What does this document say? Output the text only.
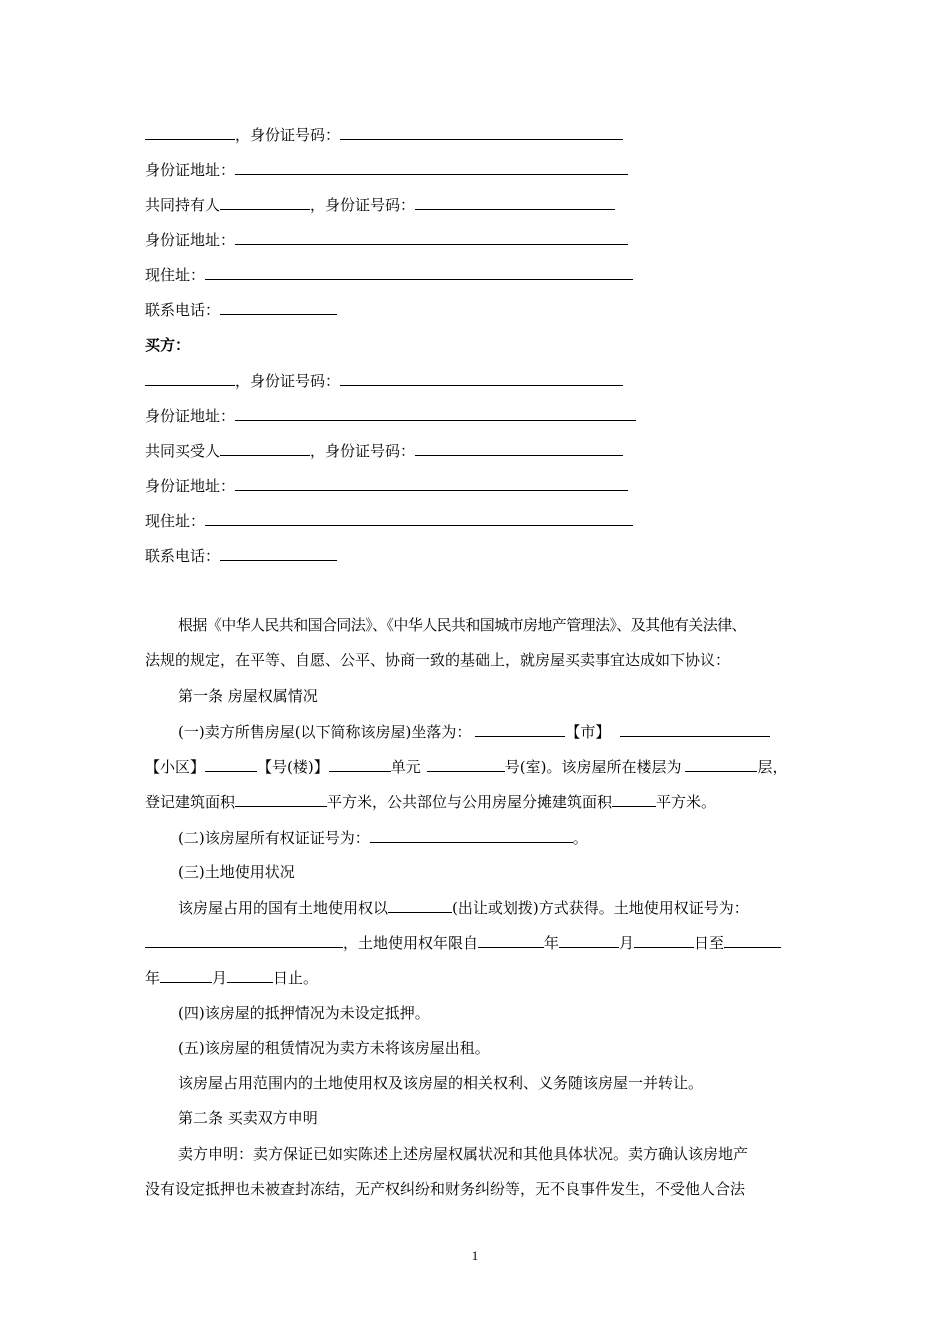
，身份证号码：
身份证地址：
共同持有人	，身份证号码：
身份证地址：
现住址：
联系电话：
买方：
，身份证号码：
身份证地址：
共同买受人	，身份证号码：
身份证地址：
现住址：
联系电话：
根据《中华人民共和国合同法》、《中华人民共和国城市房地产管理法》、及其他有关法律、
法规的规定，在平等、自愿、公平、协商一致的基础上，就房屋买卖事宜达成如下协议：
第一条 房屋权属情况
(一)卖方所售房屋(以下简称该房屋)坐落为：	【市】
【小区】	【号(楼)】	单元	号(室)。该房屋所在楼层为	层，
登记建筑面积	平方米，公共部位与公用房屋分摊建筑面积	平方米。
(二)该房屋所有权证证号为：	。
(三)土地使用状况
该房屋占用的国有土地使用权以	(出让或划拨)方式获得。土地使用权证号为：
，土地使用权年限自	年	月	日至
年	月	日止。
(四)该房屋的抵押情况为未设定抵押。
(五)该房屋的租赁情况为卖方未将该房屋出租。
该房屋占用范围内的土地使用权及该房屋的相关权利、义务随该房屋一并转让。
第二条 买卖双方申明
卖方申明：卖方保证已如实陈述上述房屋权属状况和其他具体状况。卖方确认该房地产
没有设定抵押也未被查封冻结，无产权纠纷和财务纠纷等，无不良事件发生，不受他人合法
1
